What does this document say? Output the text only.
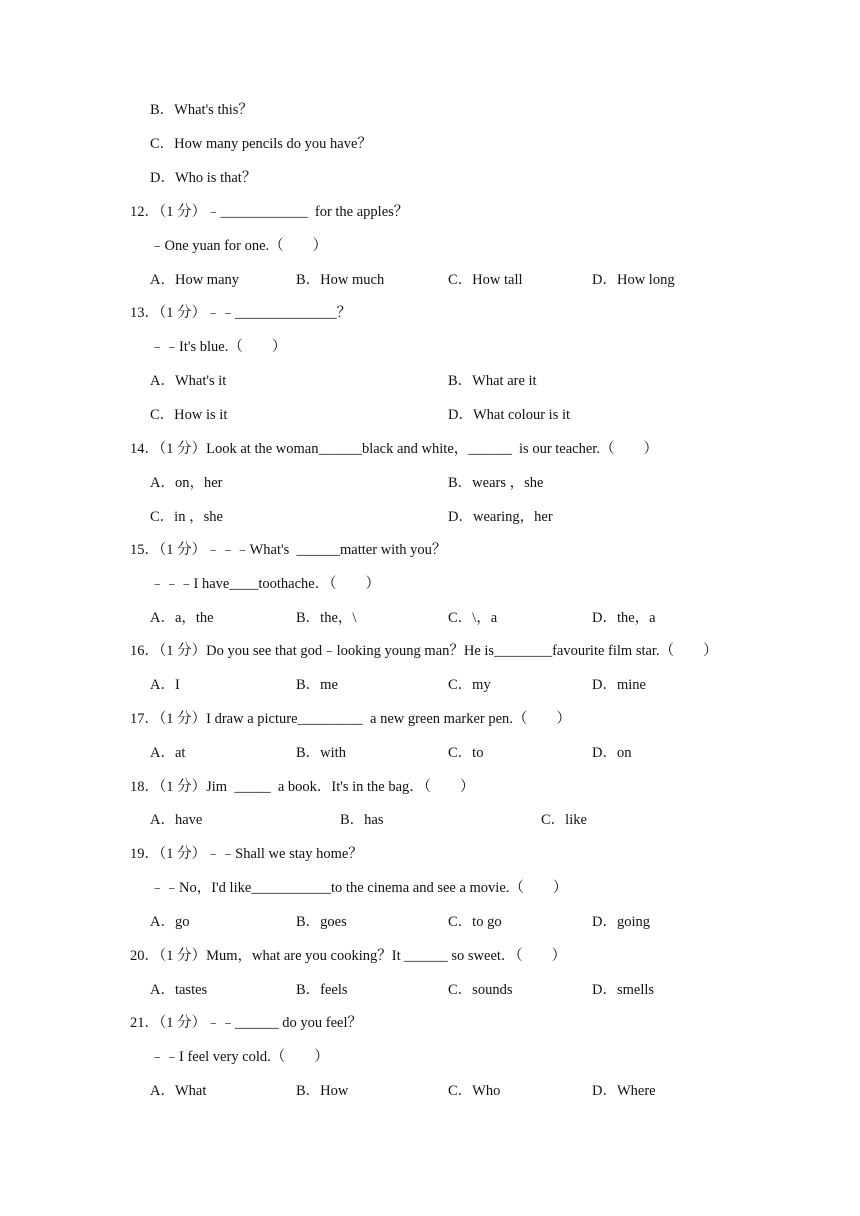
B．What's this？
C．How many pencils do you have？
D．Who is that？
12．（1 分）﹣____________  for the apples？
﹣One yuan for one.（　　）
A．How many	B．How much	C．How tall	D．How long
13．（1 分）﹣﹣______________？
﹣﹣It's blue.（　　）
A．What's it	B．What are it
C．How is it	D．What colour is it
14．（1 分）Look at the woman______black and white，______  is our teacher.（　　）
A．on，her	B．wears ，she
C．in ，she	D．wearing，her
15．（1 分）﹣﹣﹣What's  ______matter with you？
﹣﹣﹣I have____toothache．（　　）
A．a，the	B．the，\	C．\，a	D．the，a
16．（1 分）Do you see that god﹣looking young man？He is________favourite film star.（　　）
A．I	B．me	C．my	D．mine
17．（1 分）I draw a picture_________  a new green marker pen.（　　）
A．at	B．with	C．to	D．on
18．（1 分）Jim  _____  a book．It's in the bag．（　　）
A．have	B．has	C．like
19．（1 分）﹣﹣Shall we stay home？
﹣﹣No，I'd like___________to the cinema and see a movie.（　　）
A．go	B．goes	C．to go	D．going
20．（1 分）Mum，what are you cooking？It ______ so sweet．（　　）
A．tastes	B．feels	C．sounds	D．smells
21．（1 分）﹣﹣______ do you feel？
﹣﹣I feel very cold.（　　）
A．What	B．How	C．Who	D．Where
